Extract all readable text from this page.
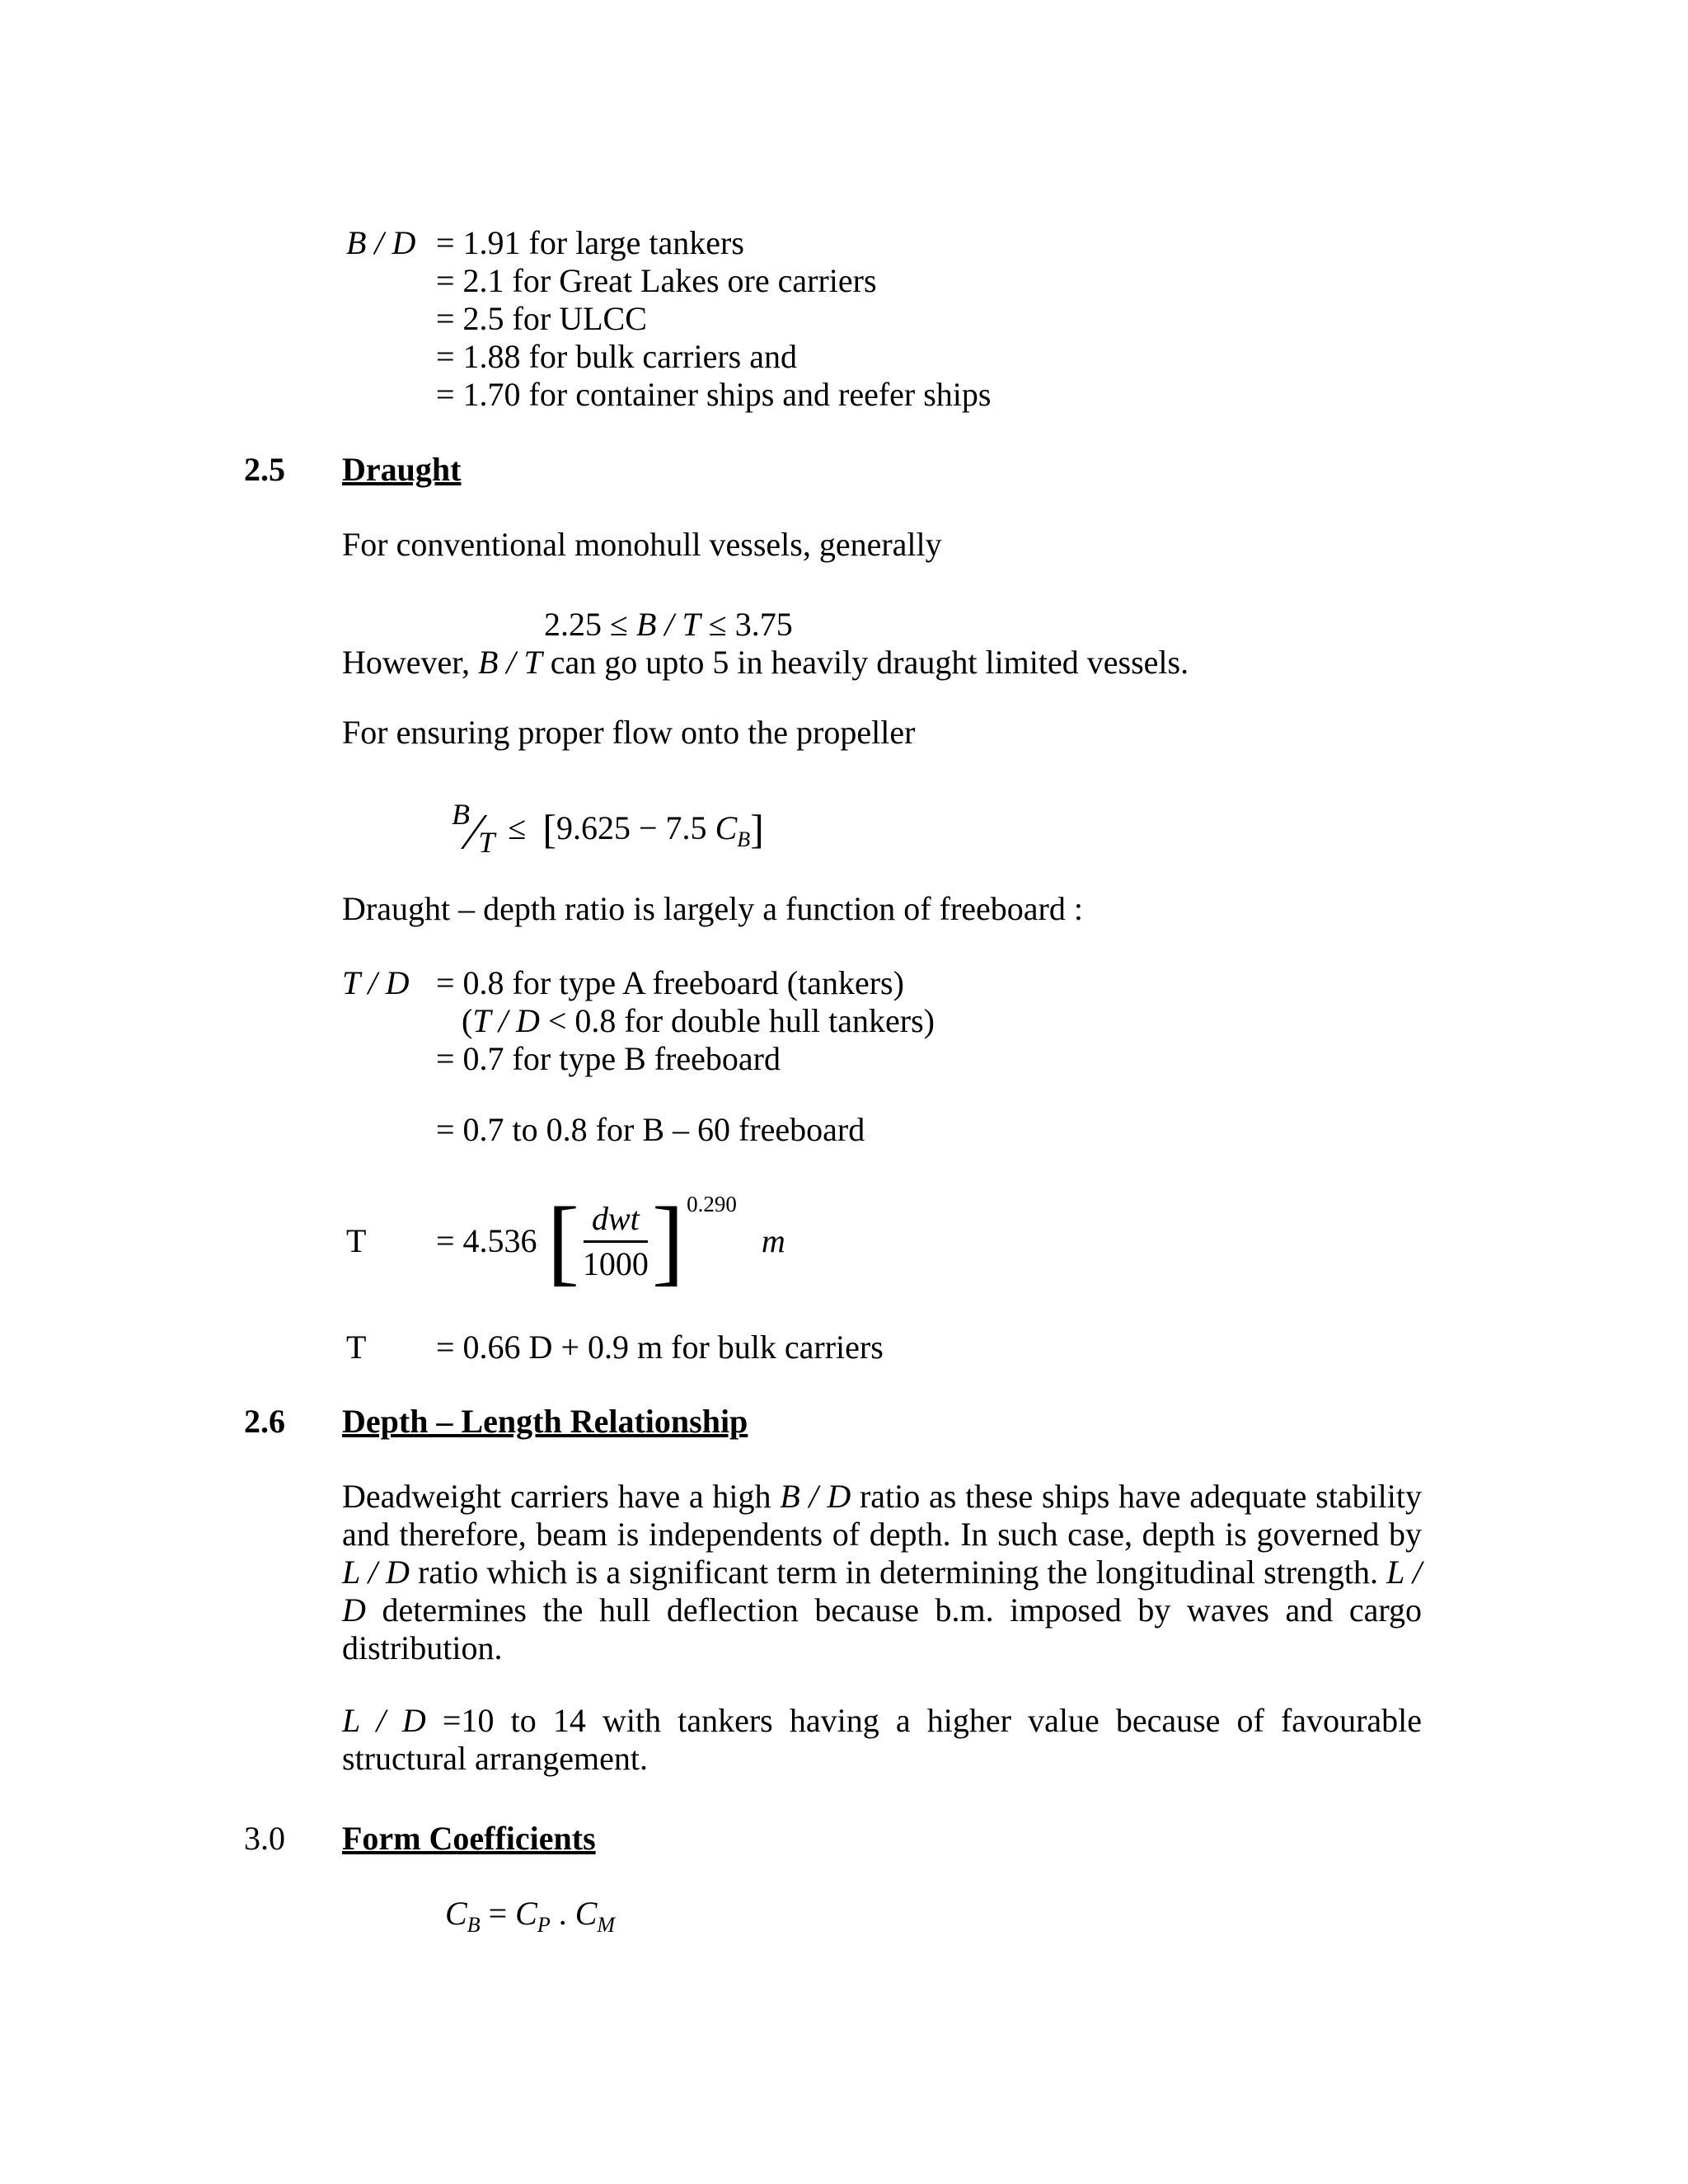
B / D = 1.91 for large tankers
= 2.1 for Great Lakes ore carriers
= 2.5 for ULCC
= 1.88 for bulk carriers and
= 1.70 for container ships and reefer ships
2.5 Draught
For conventional monohull vessels, generally
2.25 ≤ B / T ≤ 3.75
However, B / T can go upto 5 in heavily draught limited vessels.
For ensuring proper flow onto the propeller
B⁄T ≤ [9.625 − 7.5 $C_B$]
Draught – depth ratio is largely a function of freeboard :
T / D = 0.8 for type A freeboard (tankers)
(T / D < 0.8 for double hull tankers)
= 0.7 for type B freeboard
= 0.7 to 0.8 for B – 60 freeboard
T	= 4.536 [ $\frac{\text{dwt}}{1000}$ ] 0.290
m
T	= 0.66 D + 0.9 m for bulk carriers
2.6 Depth – Length Relationship
Deadweight carriers have a high B / D ratio as these ships have adequate stability and therefore, beam is independents of depth. In such case, depth is governed by L / D ratio which is a significant term in determining the longitudinal strength. L / D determines the hull deflection because b.m. imposed by waves and cargo distribution.
L / D =10 to 14 with tankers having a higher value because of favourable structural arrangement.
3.0 Form Coefficients
$C_B = C_P$ . $C_M$
